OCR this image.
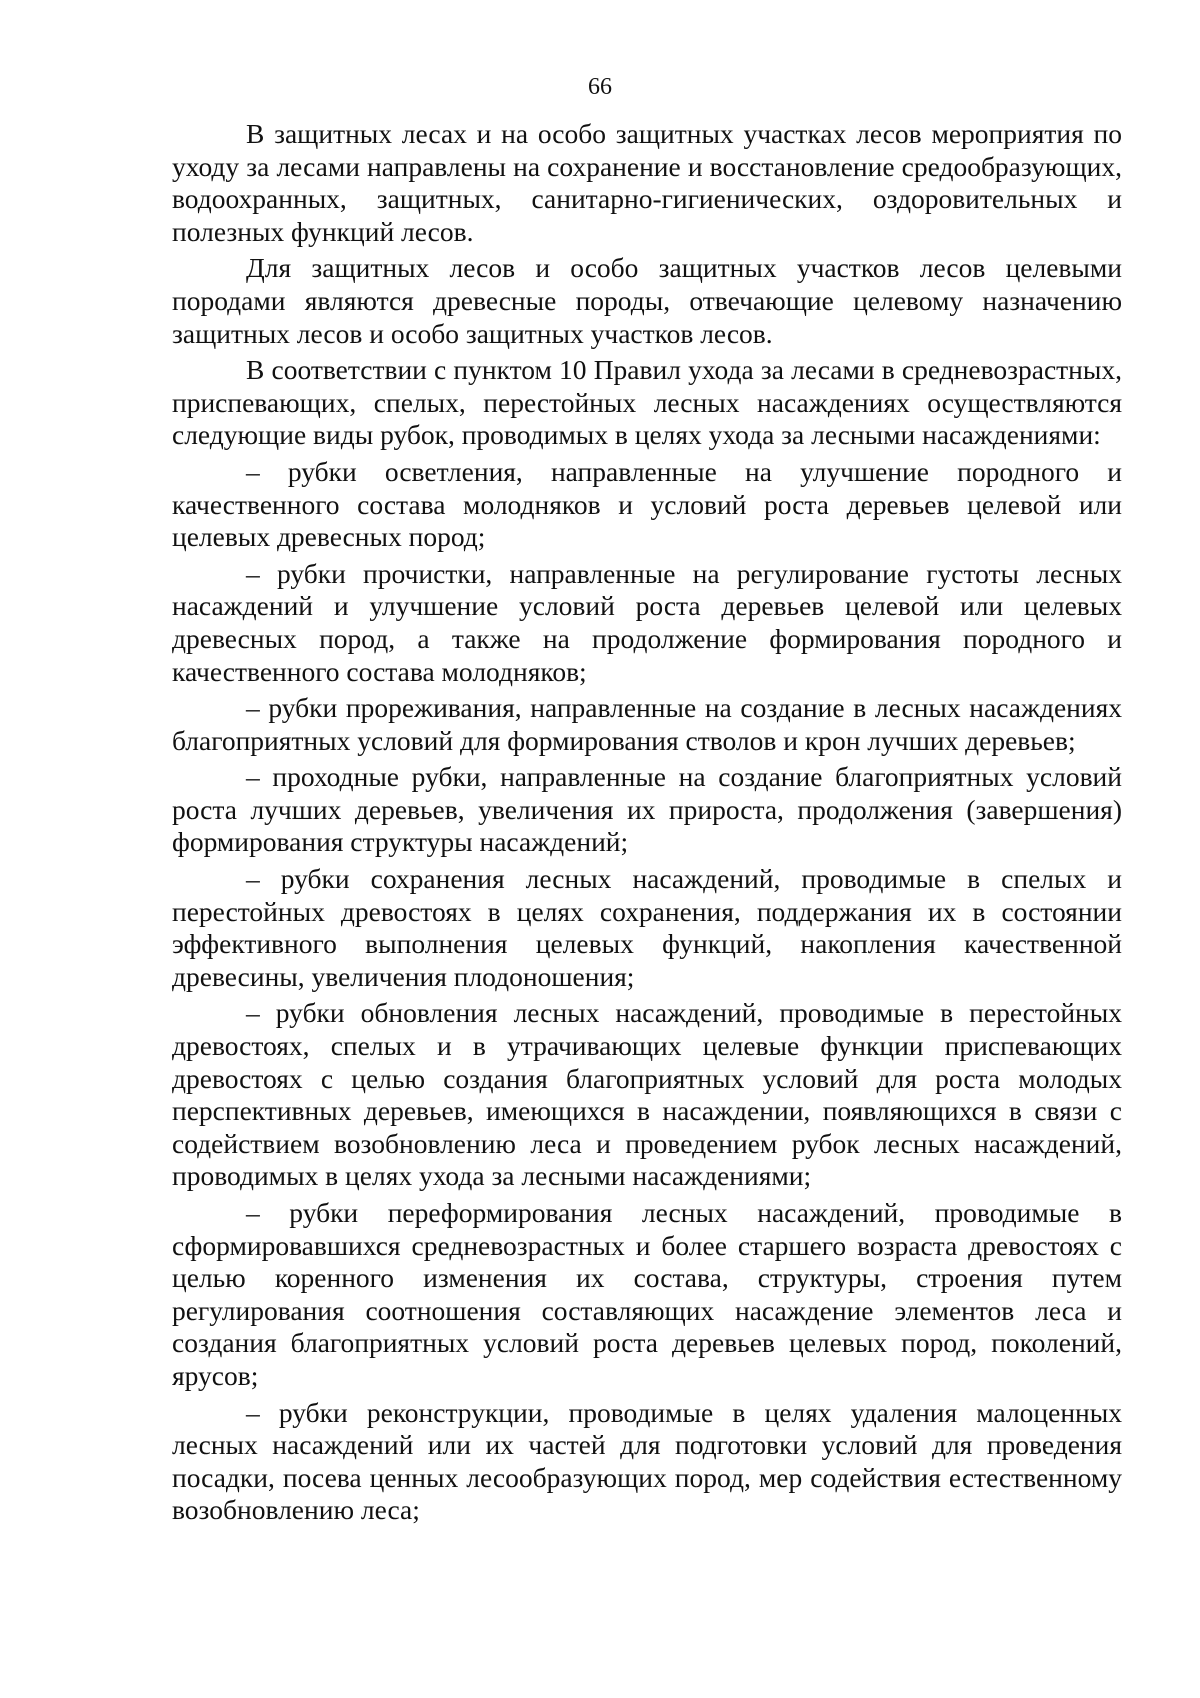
66

В защитных лесах и на особо защитных участках лесов мероприятия по уходу за лесами направлены на сохранение и восстановление средообразующих, водоохранных, защитных, санитарно-гигиенических, оздоровительных и полезных функций лесов.

Для защитных лесов и особо защитных участков лесов целевыми породами являются древесные породы, отвечающие целевому назначению защитных лесов и особо защитных участков лесов.

В соответствии с пунктом 10 Правил ухода за лесами в средневозрастных, приспевающих, спелых, перестойных лесных насаждениях осуществляются следующие виды рубок, проводимых в целях ухода за лесными насаждениями:

– рубки осветления, направленные на улучшение породного и качественного состава молодняков и условий роста деревьев целевой или целевых древесных пород;

– рубки прочистки, направленные на регулирование густоты лесных насаждений и улучшение условий роста деревьев целевой или целевых древесных пород, а также на продолжение формирования породного и качественного состава молодняков;

– рубки прореживания, направленные на создание в лесных насаждениях благоприятных условий для формирования стволов и крон лучших деревьев;

– проходные рубки, направленные на создание благоприятных условий роста лучших деревьев, увеличения их прироста, продолжения (завершения) формирования структуры насаждений;

– рубки сохранения лесных насаждений, проводимые в спелых и перестойных древостоях в целях сохранения, поддержания их в состоянии эффективного выполнения целевых функций, накопления качественной древесины, увеличения плодоношения;

– рубки обновления лесных насаждений, проводимые в перестойных древостоях, спелых и в утрачивающих целевые функции приспевающих древостоях с целью создания благоприятных условий для роста молодых перспективных деревьев, имеющихся в насаждении, появляющихся в связи с содействием возобновлению леса и проведением рубок лесных насаждений, проводимых в целях ухода за лесными насаждениями;

– рубки переформирования лесных насаждений, проводимые в сформировавшихся средневозрастных и более старшего возраста древостоях с целью коренного изменения их состава, структуры, строения путем регулирования соотношения составляющих насаждение элементов леса и создания благоприятных условий роста деревьев целевых пород, поколений, ярусов;

– рубки реконструкции, проводимые в целях удаления малоценных лесных насаждений или их частей для подготовки условий для проведения посадки, посева ценных лесообразующих пород, мер содействия естественному возобновлению леса;
